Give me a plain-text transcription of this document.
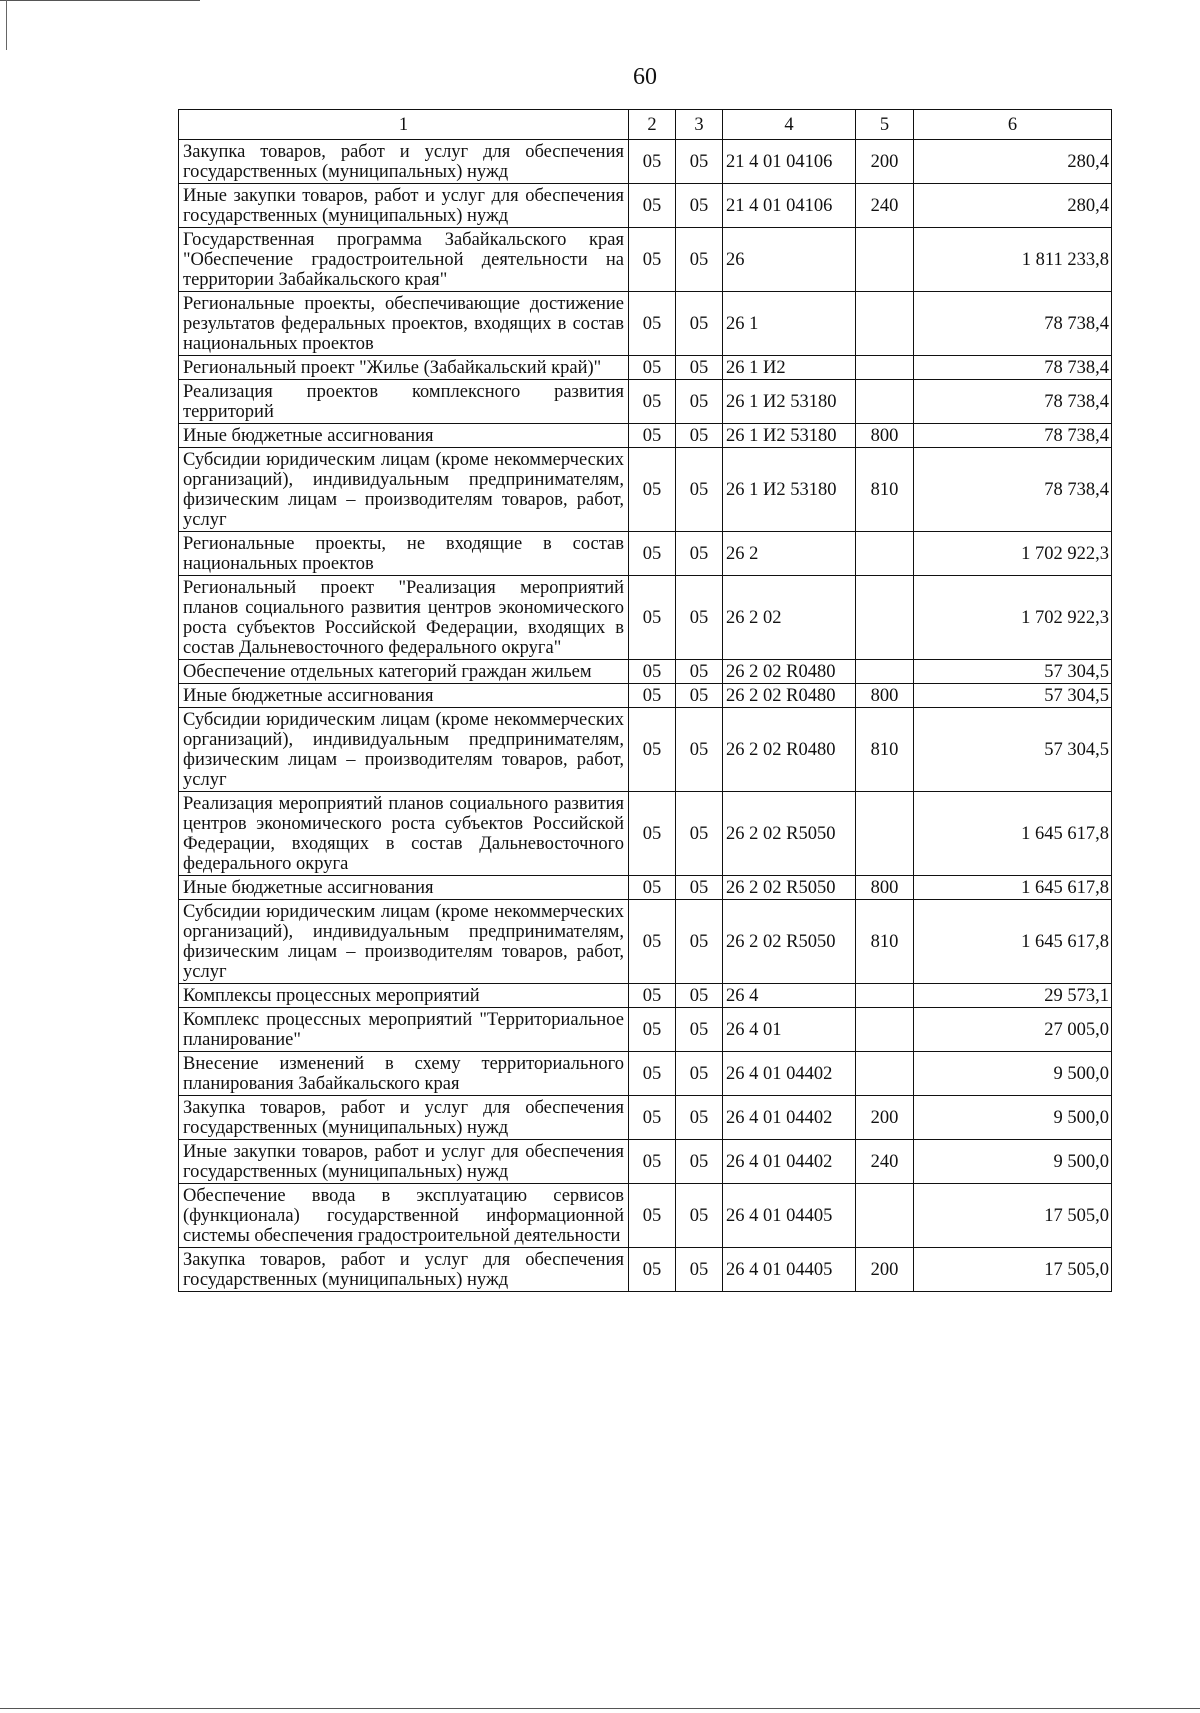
60
1	2	3	4	5	6
Закупка товаров, работ и услуг для обеспечения государственных (муниципальных) нужд	05	05	21 4 01 04106	200	280,4
Иные закупки товаров, работ и услуг для обеспечения государственных (муниципальных) нужд	05	05	21 4 01 04106	240	280,4
Государственная программа Забайкальского края "Обеспечение градостроительной деятельности на территории Забайкальского края"	05	05	26		1 811 233,8
Региональные проекты, обеспечивающие достижение результатов федеральных проектов, входящих в состав национальных проектов	05	05	26 1		78 738,4
Региональный проект "Жилье (Забайкальский край)"	05	05	26 1 И2		78 738,4
Реализация проектов комплексного развития территорий	05	05	26 1 И2 53180		78 738,4
Иные бюджетные ассигнования	05	05	26 1 И2 53180	800	78 738,4
Субсидии юридическим лицам (кроме некоммерческих организаций), индивидуальным предпринимателям, физическим лицам – производителям товаров, работ, услуг	05	05	26 1 И2 53180	810	78 738,4
Региональные проекты, не входящие в состав национальных проектов	05	05	26 2		1 702 922,3
Региональный проект "Реализация мероприятий планов социального развития центров экономического роста субъектов Российской Федерации, входящих в состав Дальневосточного федерального округа"	05	05	26 2 02		1 702 922,3
Обеспечение отдельных категорий граждан жильем	05	05	26 2 02 R0480		57 304,5
Иные бюджетные ассигнования	05	05	26 2 02 R0480	800	57 304,5
Субсидии юридическим лицам (кроме некоммерческих организаций), индивидуальным предпринимателям, физическим лицам – производителям товаров, работ, услуг	05	05	26 2 02 R0480	810	57 304,5
Реализация мероприятий планов социального развития центров экономического роста субъектов Российской Федерации, входящих в состав Дальневосточного федерального округа	05	05	26 2 02 R5050		1 645 617,8
Иные бюджетные ассигнования	05	05	26 2 02 R5050	800	1 645 617,8
Субсидии юридическим лицам (кроме некоммерческих организаций), индивидуальным предпринимателям, физическим лицам – производителям товаров, работ, услуг	05	05	26 2 02 R5050	810	1 645 617,8
Комплексы процессных мероприятий	05	05	26 4		29 573,1
Комплекс процессных мероприятий "Территориальное планирование"	05	05	26 4 01		27 005,0
Внесение изменений в схему территориального планирования Забайкальского края	05	05	26 4 01 04402		9 500,0
Закупка товаров, работ и услуг для обеспечения государственных (муниципальных) нужд	05	05	26 4 01 04402	200	9 500,0
Иные закупки товаров, работ и услуг для обеспечения государственных (муниципальных) нужд	05	05	26 4 01 04402	240	9 500,0
Обеспечение ввода в эксплуатацию сервисов (функционала) государственной информационной системы обеспечения градостроительной деятельности	05	05	26 4 01 04405		17 505,0
Закупка товаров, работ и услуг для обеспечения государственных (муниципальных) нужд	05	05	26 4 01 04405	200	17 505,0
